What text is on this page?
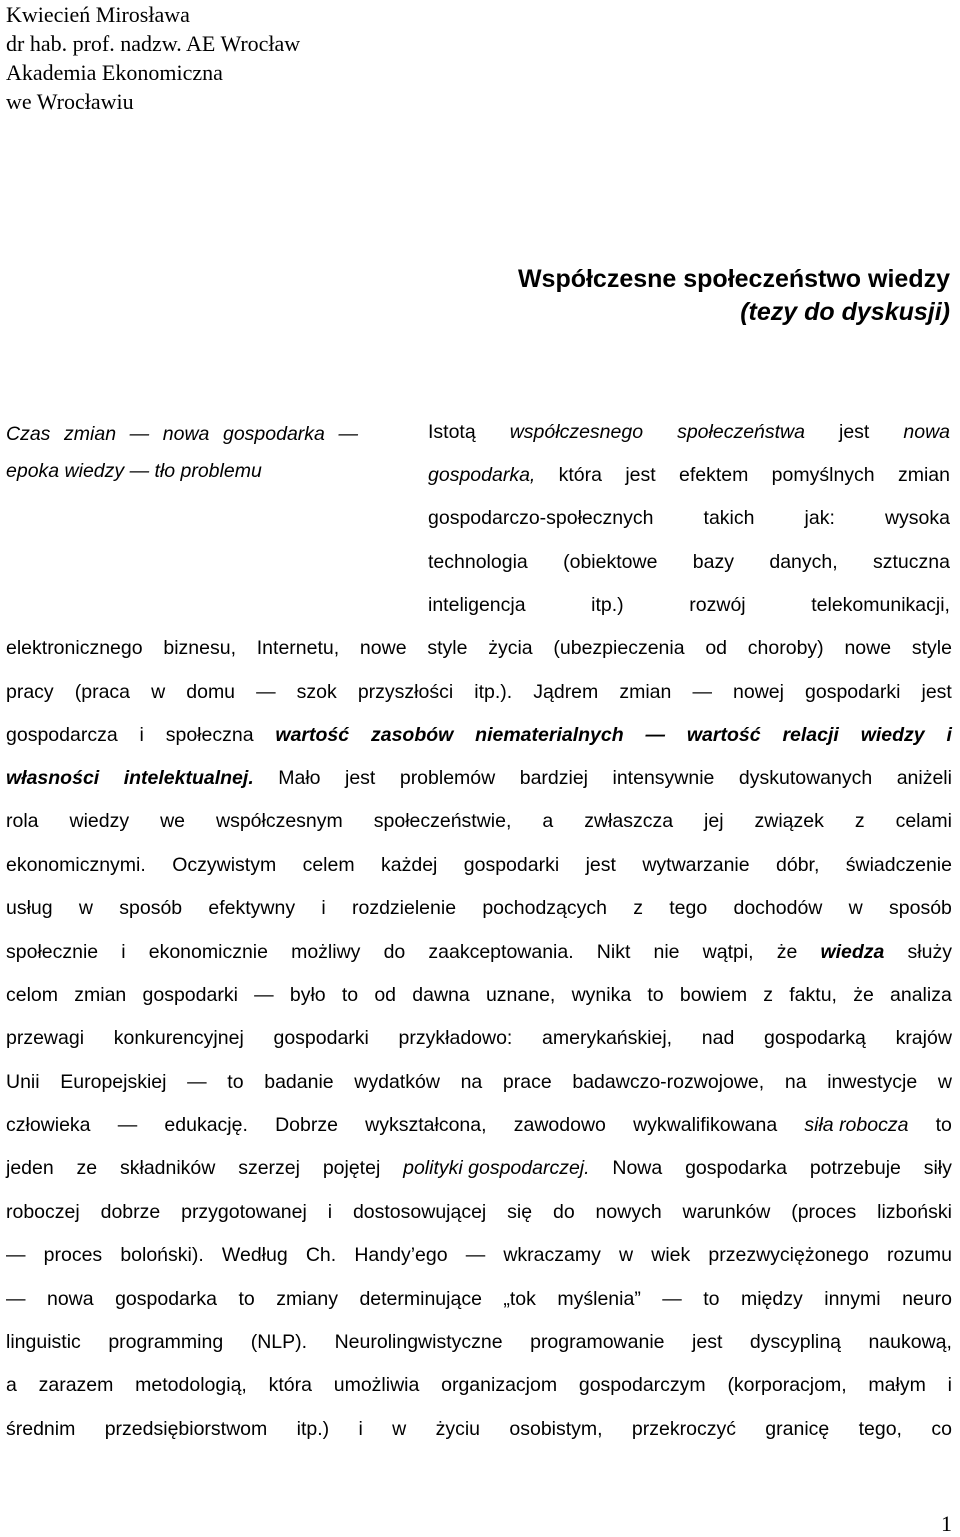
Kwiecień Mirosława
dr hab. prof. nadzw. AE Wrocław
Akademia Ekonomiczna
we Wrocławiu
Współczesne społeczeństwo wiedzy
(tezy do dyskusji)
Czas zmian — nowa gospodarka — epoka wiedzy — tło problemu
Istotą współczesnego społeczeństwa jest nowa
gospodarka, która jest efektem pomyślnych zmian
gospodarczo-społecznych	takich	jak:	wysoka
technologia (obiektowe bazy danych, sztuczna
inteligencja	itp.)	rozwój	telekomunikacji,
elektronicznego biznesu, Internetu, nowe style życia (ubezpieczenia od choroby) nowe style
pracy (praca w domu — szok przyszłości itp.). Jądrem zmian — nowej gospodarki jest
gospodarcza i społeczna wartość zasobów niematerialnych — wartość relacji wiedzy i
własności intelektualnej. Mało jest problemów bardziej intensywnie dyskutowanych aniżeli
rola wiedzy we współczesnym społeczeństwie, a zwłaszcza jej związek z celami
ekonomicznymi. Oczywistym celem każdej gospodarki jest wytwarzanie dóbr, świadczenie
usług w sposób efektywny i rozdzielenie pochodzących z tego dochodów w sposób
społecznie i ekonomicznie możliwy do zaakceptowania. Nikt nie wątpi, że wiedza służy
celom zmian gospodarki — było to od dawna uznane, wynika to bowiem z faktu, że analiza
przewagi konkurencyjnej gospodarki przykładowo: amerykańskiej, nad gospodarką krajów
Unii Europejskiej — to badanie wydatków na prace badawczo-rozwojowe, na inwestycje w
człowieka — edukację. Dobrze wykształcona, zawodowo wykwalifikowana siła robocza to
jeden ze składników szerzej pojętej polityki gospodarczej. Nowa gospodarka potrzebuje siły
roboczej dobrze przygotowanej i dostosowującej się do nowych warunków (proces lizboński
— proces boloński). Według Ch. Handy’ego — wkraczamy w wiek przezwyciężonego rozumu
— nowa gospodarka to zmiany determinujące „tok myślenia” — to między innymi neuro
linguistic programming (NLP). Neurolingwistyczne programowanie jest dyscypliną naukową,
a zarazem metodologią, która umożliwia organizacjom gospodarczym (korporacjom, małym i
średnim przedsiębiorstwom itp.) i w życiu osobistym, przekroczyć granicę tego, co
1
